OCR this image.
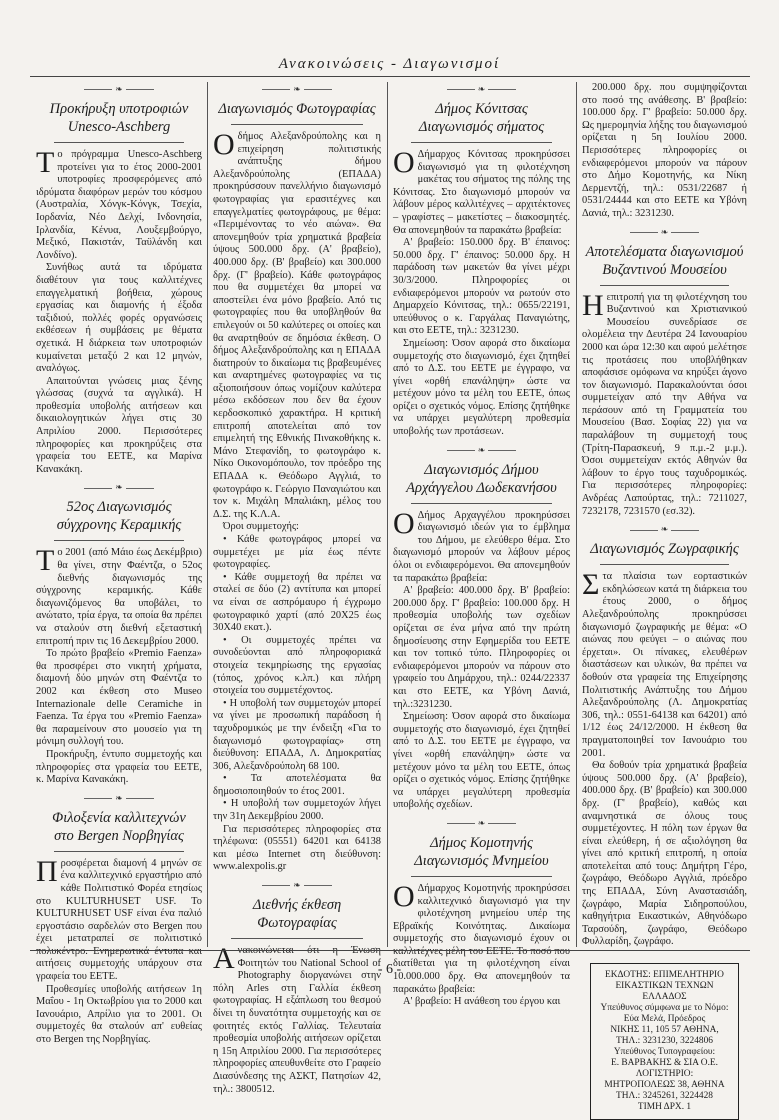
Ανακοινώσεις - Διαγωνισμοί
❧
Προκήρυξη υποτροφιών
Unesco-Aschberg

Το πρόγραμμα Unesco-Aschberg προτείνει για το έτος 2000-2001 υποτροφίες προσφερόμενες από ιδρύματα διαφόρων μερών του κόσμου (Αυστραλία, Χόνγκ-Κόνγκ, Τσεχία, Ιορδανία, Νέο Δελχί, Ινδονησία, Ιρλανδία, Κένυα, Λουξεμβούργο, Μεξικό, Πακιστάν, Ταϋλάνδη και Λονδίνο).

Συνήθως αυτά τα ιδρύματα διαθέτουν για τους καλλιτέχνες επαγγελματική βοήθεια, χώρους εργασίας και διαμονής ή έξοδα ταξιδιού, πολλές φορές οργανώσεις εκθέσεων ή συμβάσεις με θέματα σχετικά. Η διάρκεια των υποτροφιών κυμαίνεται μεταξύ 2 και 12 μηνών, αναλόγως.

Απαιτούνται γνώσεις μιας ξένης γλώσσας (συχνά τα αγγλικά). Η προθεσμία υποβολής αιτήσεων και δικαιολογητικών λήγει στις 30 Απριλίου 2000. Περισσότερες πληροφορίες και προκηρύξεις στα γραφεία του ΕΕΤΕ, κα Μαρίνα Κανακάκη.

❧
52ος Διαγωνισμός
σύγχρονης Κεραμικής

Το 2001 (από Μάιο έως Δεκέμβριο) θα γίνει, στην Φαέντζα, ο 52ος διεθνής διαγωνισμός της σύγχρονης κεραμικής. Κάθε διαγωνιζόμενος θα υποβάλει, το ανώτατο, τρία έργα, τα οποία θα πρέπει να σταλούν στη διεθνή εξεταστική επιτροπή πριν τις 16 Δεκεμβρίου 2000.

Το πρώτο βραβείο «Premio Faenza» θα προσφέρει στο νικητή χρήματα, διαμονή δύο μηνών στη Φαέντζα το 2002 και έκθεση στο Museo Internazionale delle Ceramiche in Faenza. Τα έργα του «Premio Faenza» θα παραμείνουν στο μουσείο για τη μόνιμη συλλογή του.

Προκήρυξη, έντυπο συμμετοχής και πληροφορίες στα γραφεία του ΕΕΤΕ, κ. Μαρίνα Κανακάκη.

❧
Φιλοξενία καλλιτεχνών
στο Bergen Νορβηγίας

Προσφέρεται διαμονή 4 μηνών σε ένα καλλιτεχνικό εργαστήριο από κάθε Πολιτιστικό Φορέα ετησίως στο KULTURHUSET USF. Το KULTURHUSET USF είναι ένα παλιό εργοστάσιο σαρδελών στο Bergen που έχει μετατραπεί σε πολιτιστικό πολυκέντρο. Ενημερωτικά έντυπα και αιτήσεις συμμετοχής υπάρχουν στα γραφεία του ΕΕΤΕ.

Προθεσμίες υποβολής αιτήσεων 1η Μαΐου - 1η Οκτωβρίου για το 2000 και Ιανουάριο, Απρίλιο για το 2001. Οι συμμετοχές θα σταλούν απ' ευθείας στο Bergen της Νορβηγίας.

❧
Διαγωνισμός Φωτογραφίας

Οδήμος Αλεξανδρούπολης και η επιχείρηση πολιτιστικής ανάπτυξης δήμου Αλεξανδρούπολης (ΕΠΑΔΑ) προκηρύσσουν πανελλήνιο διαγωνισμό φωτογραφίας για ερασιτέχνες και επαγγελματίες φωτογράφους, με θέμα: «Περιμένοντας το νέο αιώνα». Θα απονεμηθούν τρία χρηματικά βραβεία ύψους 500.000 δρχ. (Α' βραβείο), 400.000 δρχ. (Β' βραβείο) και 300.000 δρχ. (Γ' βραβείο). Κάθε φωτογράφος που θα συμμετέχει θα μπορεί να αποστείλει ένα μόνο βραβείο. Από τις φωτογραφίες που θα υποβληθούν θα επιλεγούν οι 50 καλύτερες οι οποίες και θα αναρτηθούν σε δημόσια έκθεση. Ο δήμος Αλεξανδρούπολης και η ΕΠΑΔΑ διατηρούν το δικαίωμα τις βραβευμένες και αναρτημένες φωτογραφίες να τις αξιοποιήσουν όπως νομίζουν καλύτερα μέσω εκδόσεων που δεν θα έχουν κερδοσκοπικό χαρακτήρα. Η κριτική επιτροπή αποτελείται από τον επιμελητή της Εθνικής Πινακοθήκης κ. Μάνο Στεφανίδη, το φωτογράφο κ. Νίκο Οικονομόπουλο, τον πρόεδρο της ΕΠΑΔΑ κ. Θεόδωρο Αγγλιά, το φωτογράφο κ. Γεώργιο Παναγιώτου και τον κ. Μιχάλη Μπαλιάκη, μέλος του Δ.Σ. της Κ.Λ.Α.

Όροι συμμετοχής:

• Κάθε φωτογράφος μπορεί να συμμετέχει με μία έως πέντε φωτογραφίες.

• Κάθε συμμετοχή θα πρέπει να σταλεί σε δύο (2) αντίτυπα και μπορεί να είναι σε ασπρόμαυρο ή έγχρωμο φωτογραφικό χαρτί (από 20Χ25 έως 30Χ40 εκατ.).

• Οι συμμετοχές πρέπει να συνοδεύονται από πληροφοριακά στοιχεία τεκμηρίωσης της εργασίας (τόπος, χρόνος κ.λπ.) και πλήρη στοιχεία του συμμετέχοντος.

• Η υποβολή των συμμετοχών μπορεί να γίνει με προσωπική παράδοση ή ταχυδρομικώς με την ένδειξη «Για το διαγωνισμό φωτογραφίας» στη διεύθυνση: ΕΠΑΔΑ, Λ. Δημοκρατίας 306, Αλεξανδρούπολη 68 100.

• Τα αποτελέσματα θα δημοσιοποιηθούν το έτος 2001.

• Η υποβολή των συμμετοχών λήγει την 31η Δεκεμβρίου 2000.

Για περισσότερες πληροφορίες στα τηλέφωνα: (05551) 64201 και 64138 και μέσω Internet στη διεύθυνση: www.alexpolis.gr

❧
Διεθνής έκθεση
Φωτογραφίας

Ανακοινώνεται ότι η Ένωση Φοιτητών του National School of Photography διοργανώνει στην πόλη Arles στη Γαλλία έκθεση φωτογραφίας. Η εξάπλωση του θεσμού δίνει τη δυνατότητα συμμετοχής και σε φοιτητές εκτός Γαλλίας. Τελευταία προθεσμία υποβολής αιτήσεων ορίζεται η 15η Απριλίου 2000. Για περισσότερες πληροφορίες απευθυνθείτε στο Γραφείο Διασύνδεσης της ΑΣΚΤ, Πατησίων 42, τηλ.: 3800512.

❧
Δήμος Κόνιτσας
Διαγωνισμός σήματος

Ο Δήμαρχος Κόνιτσας προκηρύσσει διαγωνισμό για τη φιλοτέχνηση μακέτας του σήματος της πόλης της Κόνιτσας. Στο διαγωνισμό μπορούν να λάβουν μέρος καλλιτέχνες – αρχιτέκτονες – γραφίστες – μακετίστες – διακοσμητές. Θα απονεμηθούν τα παρακάτω βραβεία:

Α' βραβείο: 150.000 δρχ. Β' έπαινος: 50.000 δρχ. Γ' έπαινος: 50.000 δρχ. Η παράδοση των μακετών θα γίνει μέχρι 30/3/2000. Πληροφορίες οι ενδιαφερόμενοι μπορούν να ρωτούν στο Δημαρχείο Κόνιτσας, τηλ.: 0655/22191, υπεύθυνος ο κ. Γαργάλας Παναγιώτης, και στο ΕΕΤΕ, τηλ.: 3231230.

Σημείωση: Όσον αφορά στο δικαίωμα συμμετοχής στο διαγωνισμό, έχει ζητηθεί από το Δ.Σ. του ΕΕΤΕ με έγγραφο, να γίνει «ορθή επανάληψη» ώστε να μετέχουν μόνο τα μέλη του ΕΕΤΕ, όπως ορίζει ο σχετικός νόμος. Επίσης ζητήθηκε να υπάρχει μεγαλύτερη προθεσμία υποβολής των προτάσεων.

❧
Διαγωνισμός Δήμου
Αρχάγγελου Δωδεκανήσου

Ο Δήμος Αρχαγγέλου προκηρύσσει διαγωνισμό ιδεών για το έμβλημα του Δήμου, με ελεύθερο θέμα. Στο διαγωνισμό μπορούν να λάβουν μέρος όλοι οι ενδιαφερόμενοι. Θα απονεμηθούν τα παρακάτω βραβεία:

Α' βραβείο: 400.000 δρχ. Β' βραβείο: 200.000 δρχ. Γ' βραβείο: 100.000 δρχ. Η προθεσμία υποβολής των σχεδίων ορίζεται σε ένα μήνα από την πρώτη δημοσίευσης στην Εφημερίδα του ΕΕΤΕ και τον τοπικό τύπο. Πληροφορίες οι ενδιαφερόμενοι μπορούν να πάρουν στο γραφείο του Δημάρχου, τηλ.: 0244/22337 και στο ΕΕΤΕ, κα Υβόνη Δανιά, τηλ.:3231230.

Σημείωση: Όσον αφορά στο δικαίωμα συμμετοχής στο διαγωνισμό, έχει ζητηθεί από το Δ.Σ. του ΕΕΤΕ με έγγραφο, να γίνει «ορθή επανάληψη» ώστε να μετέχουν μόνο τα μέλη του ΕΕΤΕ, όπως ορίζει ο σχετικός νόμος. Επίσης ζητήθηκε να υπάρχει μεγαλύτερη προθεσμία υποβολής σχεδίων.

❧
Δήμος Κομοτηνής
Διαγωνισμός Μνημείου

Ο Δήμαρχος Κομοτηνής προκηρύσσει καλλιτεχνικό διαγωνισμό για την φιλοτέχνηση μνημείου υπέρ της Εβραϊκής Κοινότητας. Δικαίωμα συμμετοχής στο διαγωνισμό έχουν οι καλλιτέχνες μέλη του ΕΕΤΕ. Το ποσό που διατίθεται για τη φιλοτέχνηση είναι 10.000.000 δρχ. Θα απονεμηθούν τα παρακάτω βραβεία:

Α' βραβείο: Η ανάθεση του έργου και

200.000 δρχ. που συμψηφίζονται στο ποσό της ανάθεσης. Β' βραβείο: 100.000 δρχ. Γ' βραβείο: 50.000 δρχ. Ως ημερομηνία λήξης του διαγωνισμού ορίζεται η 5η Ιουλίου 2000. Περισσότερες πληροφορίες οι ενδιαφερόμενοι μπορούν να πάρουν στο Δήμο Κομοτηνής, κα Νίκη Δερμεντζή, τηλ.: 0531/22687 ή 0531/24444 και στο ΕΕΤΕ κα Υβόνη Δανιά, τηλ.: 3231230.

❧
Αποτελέσματα διαγωνισμού
Βυζαντινού Μουσείου

Ηεπιτροπή για τη φιλοτέχνηση του Βυζαντινού και Χριστιανικού Μουσείου συνεδρίασε σε ολομέλεια την Δευτέρα 24 Ιανουαρίου 2000 και ώρα 12:30 και αφού μελέτησε τις προτάσεις που υποβλήθηκαν αποφάσισε ομόφωνα να κηρύξει άγονο τον διαγωνισμό. Παρακαλούνται όσοι συμμετείχαν από την Αθήνα να περάσουν από τη Γραμματεία του Μουσείου (Βασ. Σοφίας 22) για να παραλάβουν τη συμμετοχή τους (Τρίτη-Παρασκευή, 9 π.μ.-2 μ.μ.). Όσοι συμμετείχαν εκτός Αθηνών θα λάβουν το έργο τους ταχυδρομικώς. Για περισσότερες πληροφορίες: Ανδρέας Λαπούρτας, τηλ.: 7211027, 7232178, 7231570 (εσ.32).

❧
Διαγωνισμός Ζωγραφικής

Στα πλαίσια των εορταστικών εκδηλώσεων κατά τη διάρκεια του έτους 2000, ο δήμος Αλεξανδρούπολης προκηρύσσει διαγωνισμό ζωγραφικής με θέμα: «Ο αιώνας που φεύγει – ο αιώνας που έρχεται». Οι πίνακες, ελευθέρων διαστάσεων και υλικών, θα πρέπει να δοθούν στα γραφεία της Επιχείρησης Πολιτιστικής Ανάπτυξης του Δήμου Αλεξανδρούπολης (Λ. Δημοκρατίας 306, τηλ.: 0551-64138 και 64201) από 1/12 έως 24/12/2000. Η έκθεση θα πραγματοποιηθεί τον Ιανουάριο του 2001.

Θα δοθούν τρία χρηματικά βραβεία ύψους 500.000 δρχ. (Α' βραβείο), 400.000 δρχ. (Β' βραβείο) και 300.000 δρχ. (Γ' βραβείο), καθώς και αναμνηστικά σε όλους τους συμμετέχοντες. Η πόλη των έργων θα είναι ελεύθερη, ή σε αξιολόγηση θα γίνει από κριτική επιτροπή, η οποία αποτελείται από τους: Δημήτρη Γέρο, ζωγράφο, Θεόδωρο Αγγλιά, πρόεδρο της ΕΠΑΔΑ, Σύνη Αναστασιάδη, ζωγράφο, Μαρία Σιδηροπούλου, καθηγήτρια Εικαστικών, Αθηνόδωρο Ταρσούδη, ζωγράφο, Θεόδωρο Φυλλαρίδη, ζωγράφο.

ΕΚΔΟΤΗΣ: ΕΠΙΜΕΛΗΤΗΡΙΟ
ΕΙΚΑΣΤΙΚΩΝ ΤΕΧΝΩΝ ΕΛΛΑΔΟΣ
Υπεύθυνος σύμφωνα με το Νόμο:
Εύα Μελά, Πρόεδρος
ΝΙΚΗΣ 11, 105 57 ΑΘΗΝΑ,
ΤΗΛ.: 3231230, 3224806
Υπεύθυνος Τυπογραφείου:
Ε. ΒΑΡΒΑΚΗΣ & ΣΙΑ Ο.Ε.
ΛΟΓΙΣΤΗΡΙΟ:
ΜΗΤΡΟΠΟΛΕΩΣ 38, ΑΘΗΝΑ
ΤΗΛ.: 3245261, 3224428
ΤΙΜΗ ΔΡΧ. 1
- 6 -
